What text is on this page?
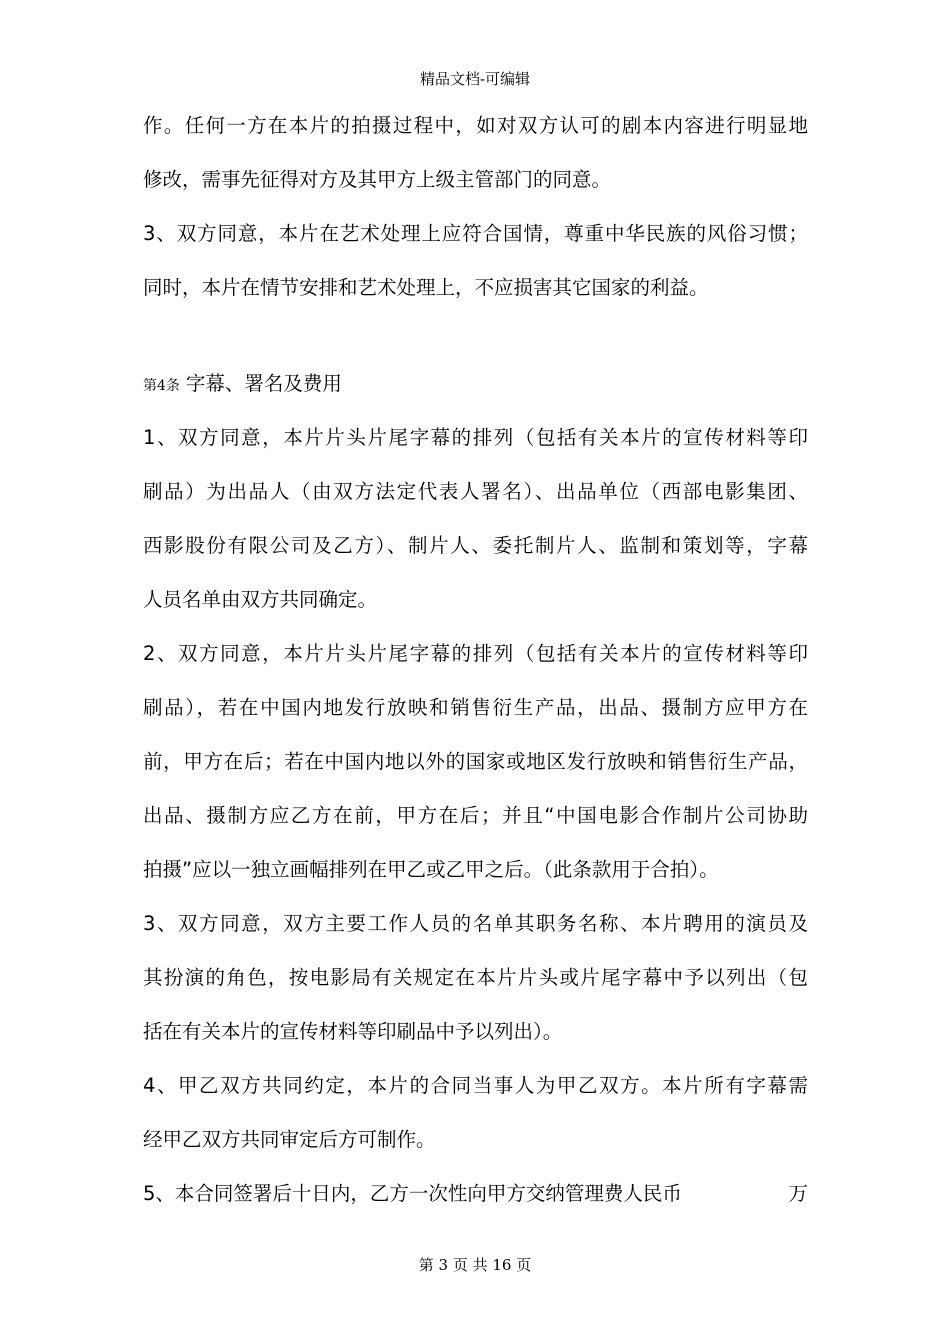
精品文档-可编辑
作。任何一方在本片的拍摄过程中，如对双方认可的剧本内容进行明显地
修改，需事先征得对方及其甲方上级主管部门的同意。
3、双方同意，本片在艺术处理上应符合国情，尊重中华民族的风俗习惯；
同时，本片在情节安排和艺术处理上，不应损害其它国家的利益。
第4条 字幕、署名及费用
1、双方同意，本片片头片尾字幕的排列（包括有关本片的宣传材料等印
刷品）为出品人（由双方法定代表人署名）、出品单位（西部电影集团、
西影股份有限公司及乙方）、制片人、委托制片人、监制和策划等，字幕
人员名单由双方共同确定。
2、双方同意，本片片头片尾字幕的排列（包括有关本片的宣传材料等印
刷品），若在中国内地发行放映和销售衍生产品，出品、摄制方应甲方在
前，甲方在后；若在中国内地以外的国家或地区发行放映和销售衍生产品，
出品、摄制方应乙方在前，甲方在后；并且“中国电影合作制片公司协助
拍摄”应以一独立画幅排列在甲乙或乙甲之后。（此条款用于合拍）。
3、双方同意，双方主要工作人员的名单其职务名称、本片聘用的演员及
其扮演的角色，按电影局有关规定在本片片头或片尾字幕中予以列出（包
括在有关本片的宣传材料等印刷品中予以列出）。
4、甲乙双方共同约定，本片的合同当事人为甲乙双方。本片所有字幕需
经甲乙双方共同审定后方可制作。
5、本合同签署后十日内，乙方一次性向甲方交纳管理费人民币	万
第 3 页 共 16 页
